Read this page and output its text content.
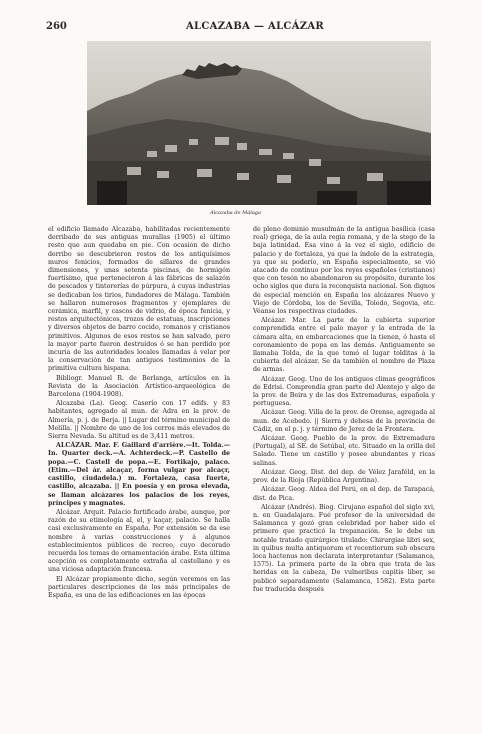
260	ALCAZABA — ALCÁZAR
Alcazaba de Málaga

el edificio llamado Alcazaba, habilitadas recientemente derribado de sus antiguas murallas (1905) el último resto que aun quedaba en pie. Con ocasión de dicho derribo se descubrieron restos de los antiquísimos muros fenicios, formados de sillares de grandes dimensiones, y unas setenta piscinas, de hormigón fuertísimo, que pertenecieron á las fábricas de salazón de pescados y tintorerías de púrpura, á cuyas industrias se dedicaban los tirios, fundadores de Málaga. También se hallaron numerosos fragmentos y ejemplares de cerámica, marfil, y cascos de vidrio, de época fenicia, y restos arquitectónicos, trozos de estatuas, inscripciones y diversos objetos de barro cocido, romanos y cristianos primitivos. Algunos de esos restos se han salvado, pero la mayor parte fueron destruídos ó se han perdido por incuria de las autoridades locales llamadas á velar por la conservación de tan antiguos testimonios de la primitiva cultura hispana.

Bibliogr. Manuel R. de Berlanga, artículos en la Revista de la Asociación Artístico-arqueológica de Barcelona (1904-1908).

Alcazaba (La). Geog. Caserío con 17 edifs. y 83 habitantes, agregado al mun. de Adra en la prov. de Almería, p. j. de Berja. || Lugar del término municipal de Melilla. || Nombre de uno de los cerros más elevados de Sierra Nevada. Su altitud es de 3,411 metros.

ALCÁZAR. Mar. F. Gaillard d'arrière.—It. Tolda.—In. Quarter deck.—A. Achterdeck.—P. Castello de popa.—C. Castell de popa.—E. Fortikajo, palaco. (Etim.—Del ár. alcaçar, forma vulgar por alcaçr, castillo, ciudadela.) m. Fortaleza, casa fuerte, castillo, alcazaba. || En poesía y en prosa elevada, se llaman alcázares los palacios de los reyes, príncipes y magnates.

Alcázar. Arquit. Palacio fortificado árabe, aunque, por razón de su etimología al, el, y kaçar, palacio. Se halla casi exclusivamente en España. Por extensión se da ese nombre á varias construcciones y á algunos establecimientos públicos de recreo, cuyo decorado recuerda los temas de ornamentación árabe. Esta última acepción es completamente extraña al castellano y es una viciosa adaptación francesa.

El Alcázar propiamente dicho, según veremos en las particulares descripciones de los más principales de España, es una de las edificaciones en las épocas

de pleno dominio musulmán de la antigua basílica (casa real) griega, de la aula regia romana, y de la stego de la baja latinidad. Esa vino á la vez el siglo, edificio de palacio y de fortaleza, ya que la índole de la estrategia, ya que su poderío, en España especialmente, se vió atacado de continuo por los reyes españoles (cristianos) que con tesón no abandonaron su propósito, durante los ocho siglos que dura la reconquista nacional. Son dignos de especial mención en España los alcázares Nuevo y Viejo de Córdoba, los de Sevilla, Toledo, Segovia, etc. Véanse los respectivas ciudades.

Alcázar. Mar. La parte de la cubierta superior comprendida entre el palo mayor y la entrada de la cámara alta, en embarcaciones que la tienen, ó hasta el coronamiento de popa en las demás. Antiguamente se llamaba Tolda, de la que tomó el lugar tolditas á la cubierta del alcázar. Se da también el nombre de Plaza de armas.

Alcázar. Geog. Uno de los antiguos climas geográficos de Edrisi. Comprendía gran parte del Alentejo y algo de la prov. de Beira y de las dos Extremaduras, española y portuguesa.

Alcázar. Geog. Villa de la prov. de Orense, agregada al mun. de Acebedo. || Sierra y dehesa de la provincia de Cádiz, en el p. j. y término de Jerez de la Frontera.

Alcázar. Geog. Pueblo de la prov. de Extremadura (Portugal), al SE. de Setúbal, etc. Situado en la orilla del Salado. Tiene un castillo y posee abundantes y ricas salinas.

Alcázar. Geog. Dist. del dep. de Vélez Jaraféld, en la prov. de la Rioja (República Argentina).

Alcázar. Geog. Aldea del Perú, en el dep. de Tarapacá, dist. de Pica.

Alcázar (Andrés). Biog. Cirujano español del siglo xvi, n. en Guadalajara. Fué profesor de la universidad de Salamanca y gozó gran celebridad por haber sido el primero que practicó la trepanación. Se le debe un notable tratado quirúrgico titulado: Chirurgiae libri sex, in quibus multa antiquorum et recentiorum sub obscura loca hactenus non declarata interpretantur (Salamanca, 1575). La primera parte de la obra que trata de las heridas en la cabeza, De vulneribus capitis liber, se publicó separadamente (Salamanca, 1582). Esta parte fue traducida después
